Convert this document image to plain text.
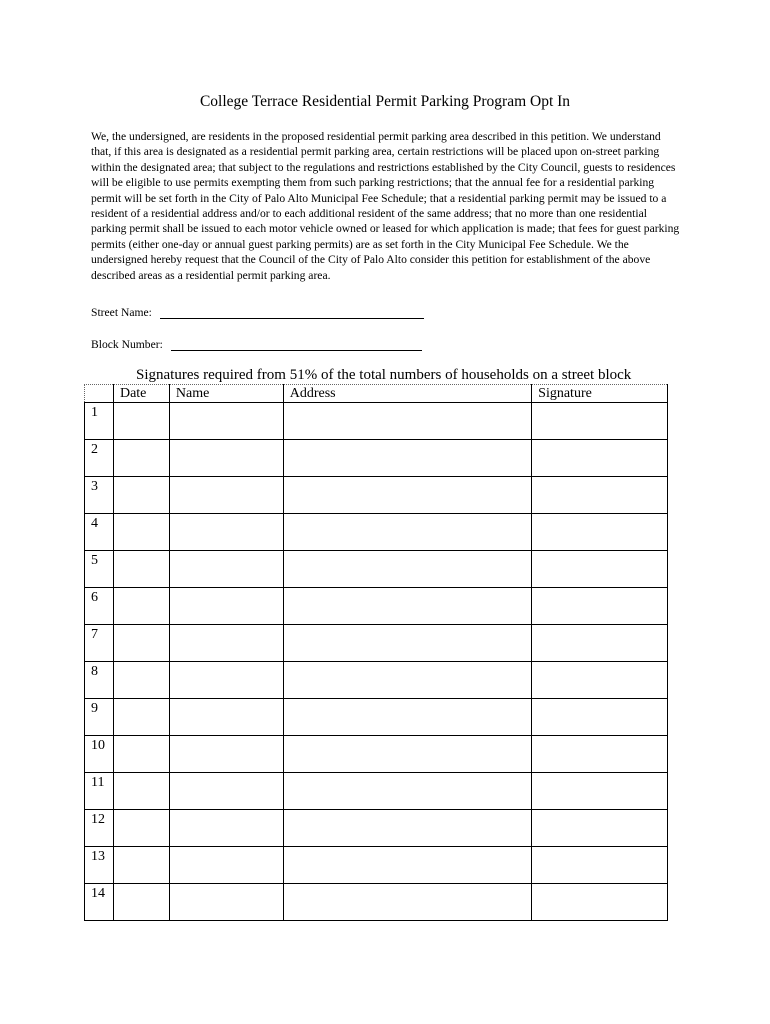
College Terrace Residential Permit Parking Program Opt In
We, the undersigned, are residents in the proposed residential permit parking area described in this petition. We understand that, if this area is designated as a residential permit parking area, certain restrictions will be placed upon on-street parking within the designated area; that subject to the regulations and restrictions established by the City Council, guests to residences will be eligible to use permits exempting them from such parking restrictions; that the annual fee for a residential parking permit will be set forth in the City of Palo Alto Municipal Fee Schedule; that a residential parking permit may be issued to a resident of a residential address and/or to each additional resident of the same address; that no more than one residential parking permit shall be issued to each motor vehicle owned or leased for which application is made; that fees for guest parking permits (either one-day or annual guest parking permits) are as set forth in the City Municipal Fee Schedule. We the undersigned hereby request that the Council of the City of Palo Alto consider this petition for establishment of the above described areas as a residential permit parking area.
Street Name:
Block Number:
Signatures required from 51% of the total numbers of households on a street block
	Date	Name	Address	Signature
1				
2				
3				
4				
5				
6				
7				
8				
9				
10				
11				
12				
13				
14				
